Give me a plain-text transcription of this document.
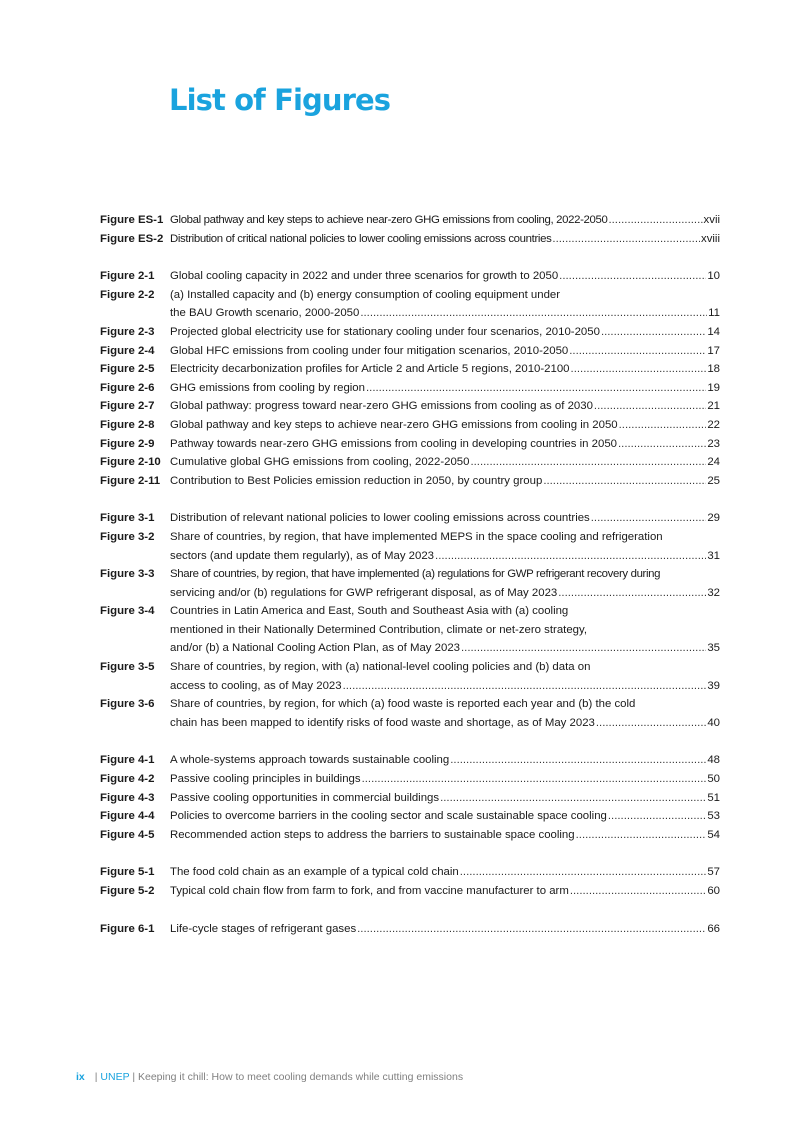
List of Figures
Figure ES-1 Global pathway and key steps to achieve near-zero GHG emissions from cooling, 2022-2050 .....	xvii
Figure ES-2 Distribution of critical national policies to lower cooling emissions across countries .....	xviii
Figure 2-1	Global cooling capacity in 2022 and under three scenarios for growth to 2050 .....	10
Figure 2-2	(a) Installed capacity and (b) energy consumption of cooling equipment under
the BAU Growth scenario, 2000-2050 .....	11
Figure 2-3	Projected global electricity use for stationary cooling under four scenarios, 2010-2050 .....	14
Figure 2-4	Global HFC emissions from cooling under four mitigation scenarios, 2010-2050 .....	17
Figure 2-5	Electricity decarbonization profiles for Article 2 and Article 5 regions, 2010-2100 .....	18
Figure 2-6	GHG emissions from cooling by region .....	19
Figure 2-7	Global pathway: progress toward near-zero GHG emissions from cooling as of 2030 .....	21
Figure 2-8	Global pathway and key steps to achieve near-zero GHG emissions from cooling in 2050 .....	22
Figure 2-9	Pathway towards near-zero GHG emissions from cooling in developing countries in 2050 .....	23
Figure 2-10 Cumulative global GHG emissions from cooling, 2022-2050 .....	24
Figure 2-11 Contribution to Best Policies emission reduction in 2050, by country group .....	25
Figure 3-1	Distribution of relevant national policies to lower cooling emissions across countries .....	29
Figure 3-2	Share of countries, by region, that have implemented MEPS in the space cooling and refrigeration
sectors (and update them regularly), as of May 2023 .....	31
Figure 3-3	Share of countries, by region, that have implemented (a) regulations for GWP refrigerant recovery during
servicing and/or (b) regulations for GWP refrigerant disposal, as of May 2023 .....	32
Figure 3-4	Countries in Latin America and East, South and Southeast Asia with (a) cooling
mentioned in their Nationally Determined Contribution, climate or net-zero strategy,
and/or (b) a National Cooling Action Plan, as of May 2023 .....	35
Figure 3-5	Share of countries, by region, with (a) national-level cooling policies and (b) data on
access to cooling, as of May 2023 .....	39
Figure 3-6	Share of countries, by region, for which (a) food waste is reported each year and (b) the cold
chain has been mapped to identify risks of food waste and shortage, as of May 2023 .....	40
Figure 4-1	A whole-systems approach towards sustainable cooling .....	48
Figure 4-2	Passive cooling principles in buildings .....	50
Figure 4-3	Passive cooling opportunities in commercial buildings .....	51
Figure 4-4	Policies to overcome barriers in the cooling sector and scale sustainable space cooling .....	53
Figure 4-5	Recommended action steps to address the barriers to sustainable space cooling .....	54
Figure 5-1	The food cold chain as an example of a typical cold chain .....	57
Figure 5-2	Typical cold chain flow from farm to fork, and from vaccine manufacturer to arm .....	60
Figure 6-1	Life-cycle stages of refrigerant gases .....	66
ix | UNEP | Keeping it chill: How to meet cooling demands while cutting emissions
